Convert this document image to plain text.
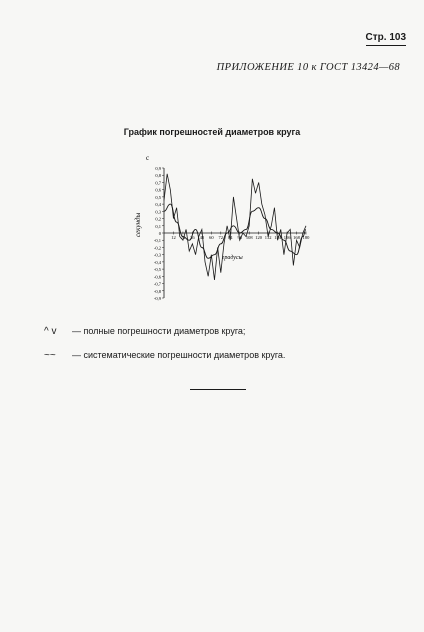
Стр. 103
ПРИЛОЖЕНИЕ 10 к ГОСТ 13424—68
График погрешностей диаметров круга
0,9
0,8
0,7
0,6
0,5
0,4
0,3
0,2
0,1
0
-0,1
-0,2
-0,3
-0,4
-0,5
-0,6
-0,7
-0,8
-0,9
12 24 36 48 60 72 84 96 108 120 132 144 156 168 180
с
секунды
градусы
^ v — полные погрешности диаметров круга;
~~ — систематические погрешности диаметров круга.
